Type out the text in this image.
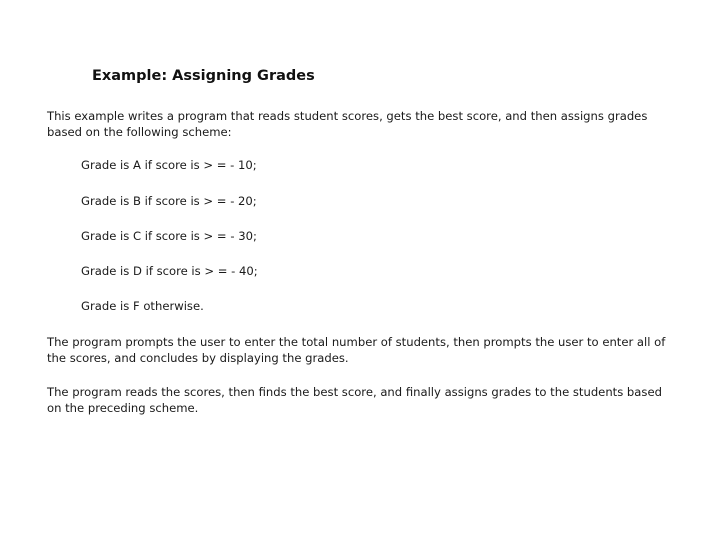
Example: Assigning Grades
This example writes a program that reads student scores, gets the best score, and then assigns grades based on the following scheme:
Grade is A if score is > = - 10;
Grade is B if score is > = - 20;
Grade is C if score is > = - 30;
Grade is D if score is > = - 40;
Grade is F otherwise.
The program prompts the user to enter the total number of students, then prompts the user to enter all of the scores, and concludes by displaying the grades.
The program reads the scores, then finds the best score, and finally assigns grades to the students based on the preceding scheme.
